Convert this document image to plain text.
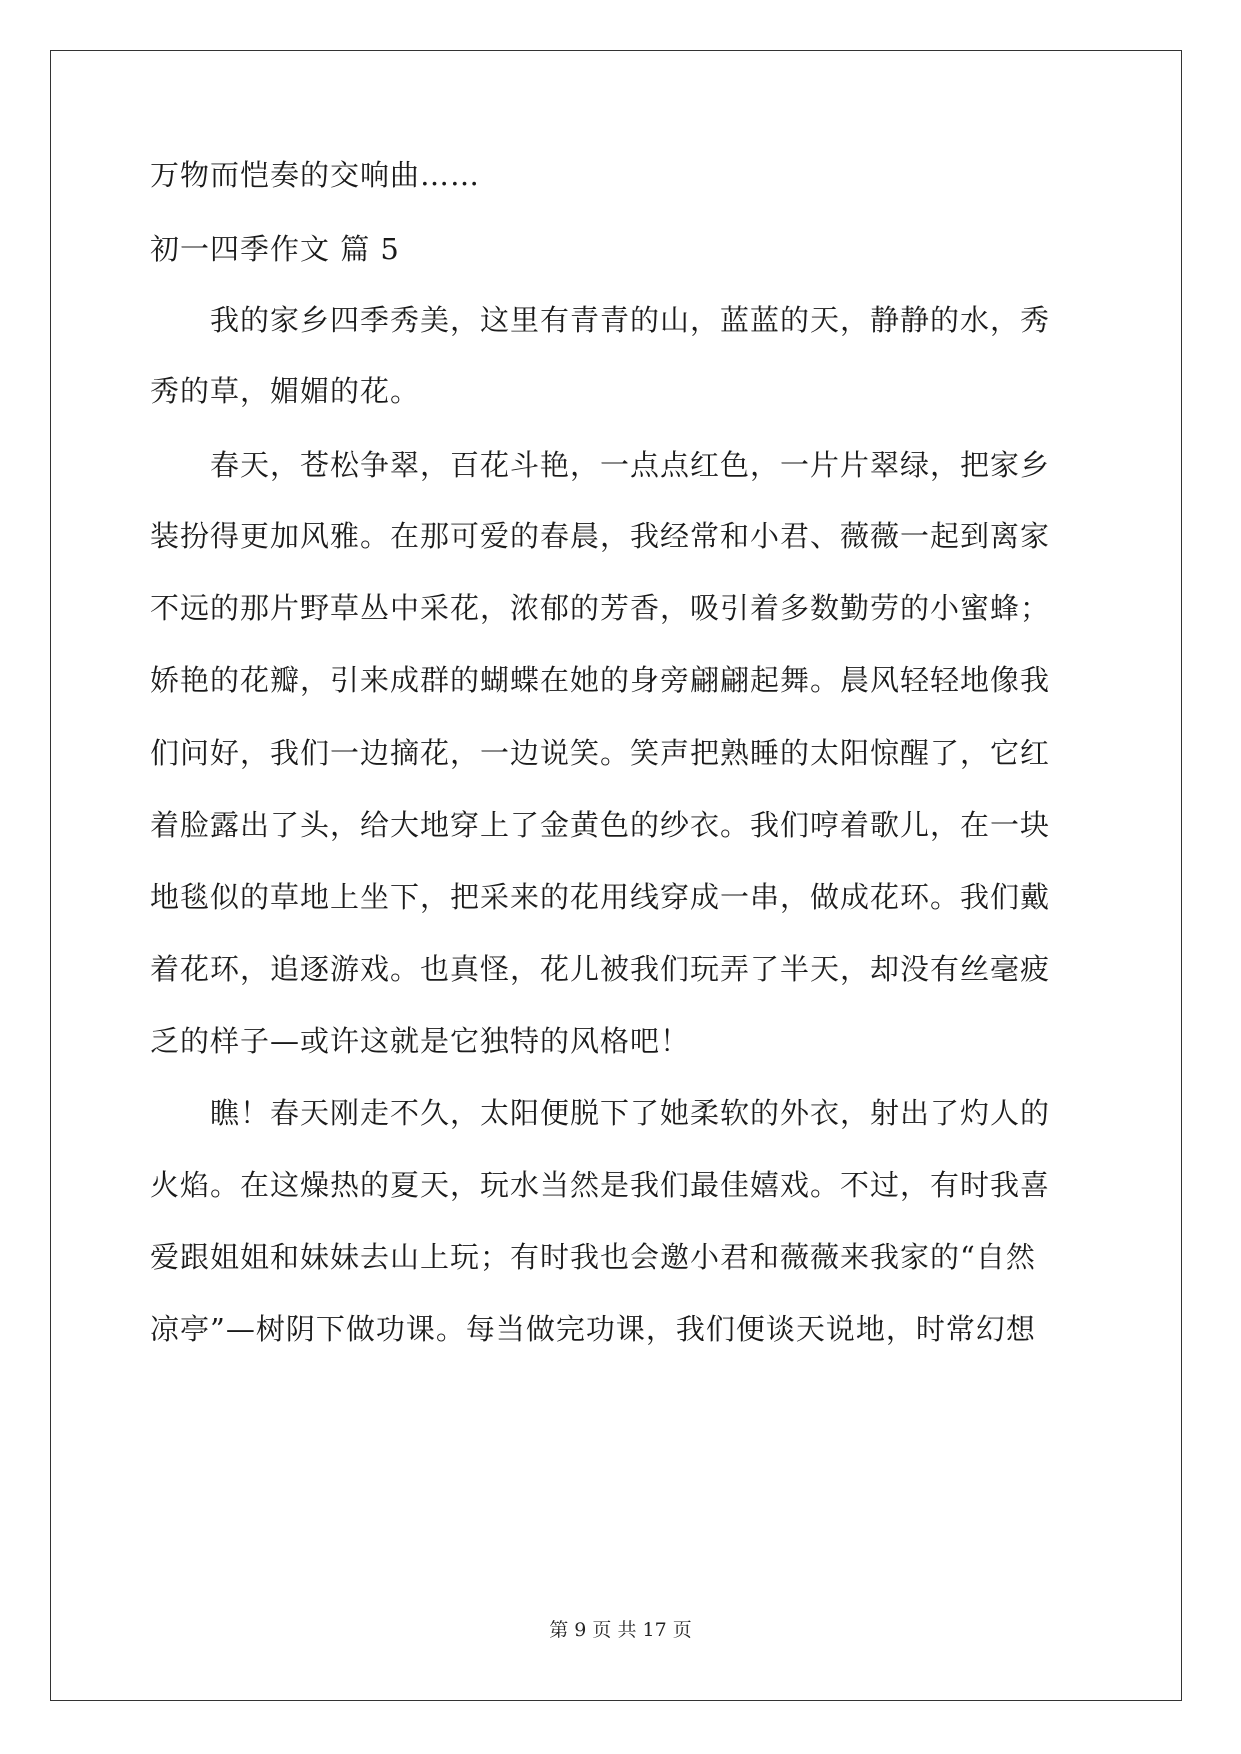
万物而恺奏的交响曲……

初一四季作文 篇 5

　　我的家乡四季秀美，这里有青青的山，蓝蓝的天，静静的水，秀

秀的草，媚媚的花。

　　春天，苍松争翠，百花斗艳，一点点红色，一片片翠绿，把家乡

装扮得更加风雅。在那可爱的春晨，我经常和小君、薇薇一起到离家

不远的那片野草丛中采花，浓郁的芳香，吸引着多数勤劳的小蜜蜂；

娇艳的花瓣，引来成群的蝴蝶在她的身旁翩翩起舞。晨风轻轻地像我

们问好，我们一边摘花，一边说笑。笑声把熟睡的太阳惊醒了，它红

着脸露出了头，给大地穿上了金黄色的纱衣。我们哼着歌儿，在一块

地毯似的草地上坐下，把采来的花用线穿成一串，做成花环。我们戴

着花环，追逐游戏。也真怪，花儿被我们玩弄了半天，却没有丝毫疲

乏的样子—或许这就是它独特的风格吧！

　　瞧！春天刚走不久，太阳便脱下了她柔软的外衣，射出了灼人的

火焰。在这燥热的夏天，玩水当然是我们最佳嬉戏。不过，有时我喜

爱跟姐姐和妹妹去山上玩；有时我也会邀小君和薇薇来我家的“自然

凉亭”—树阴下做功课。每当做完功课，我们便谈天说地，时常幻想

第 9 页 共 17 页
